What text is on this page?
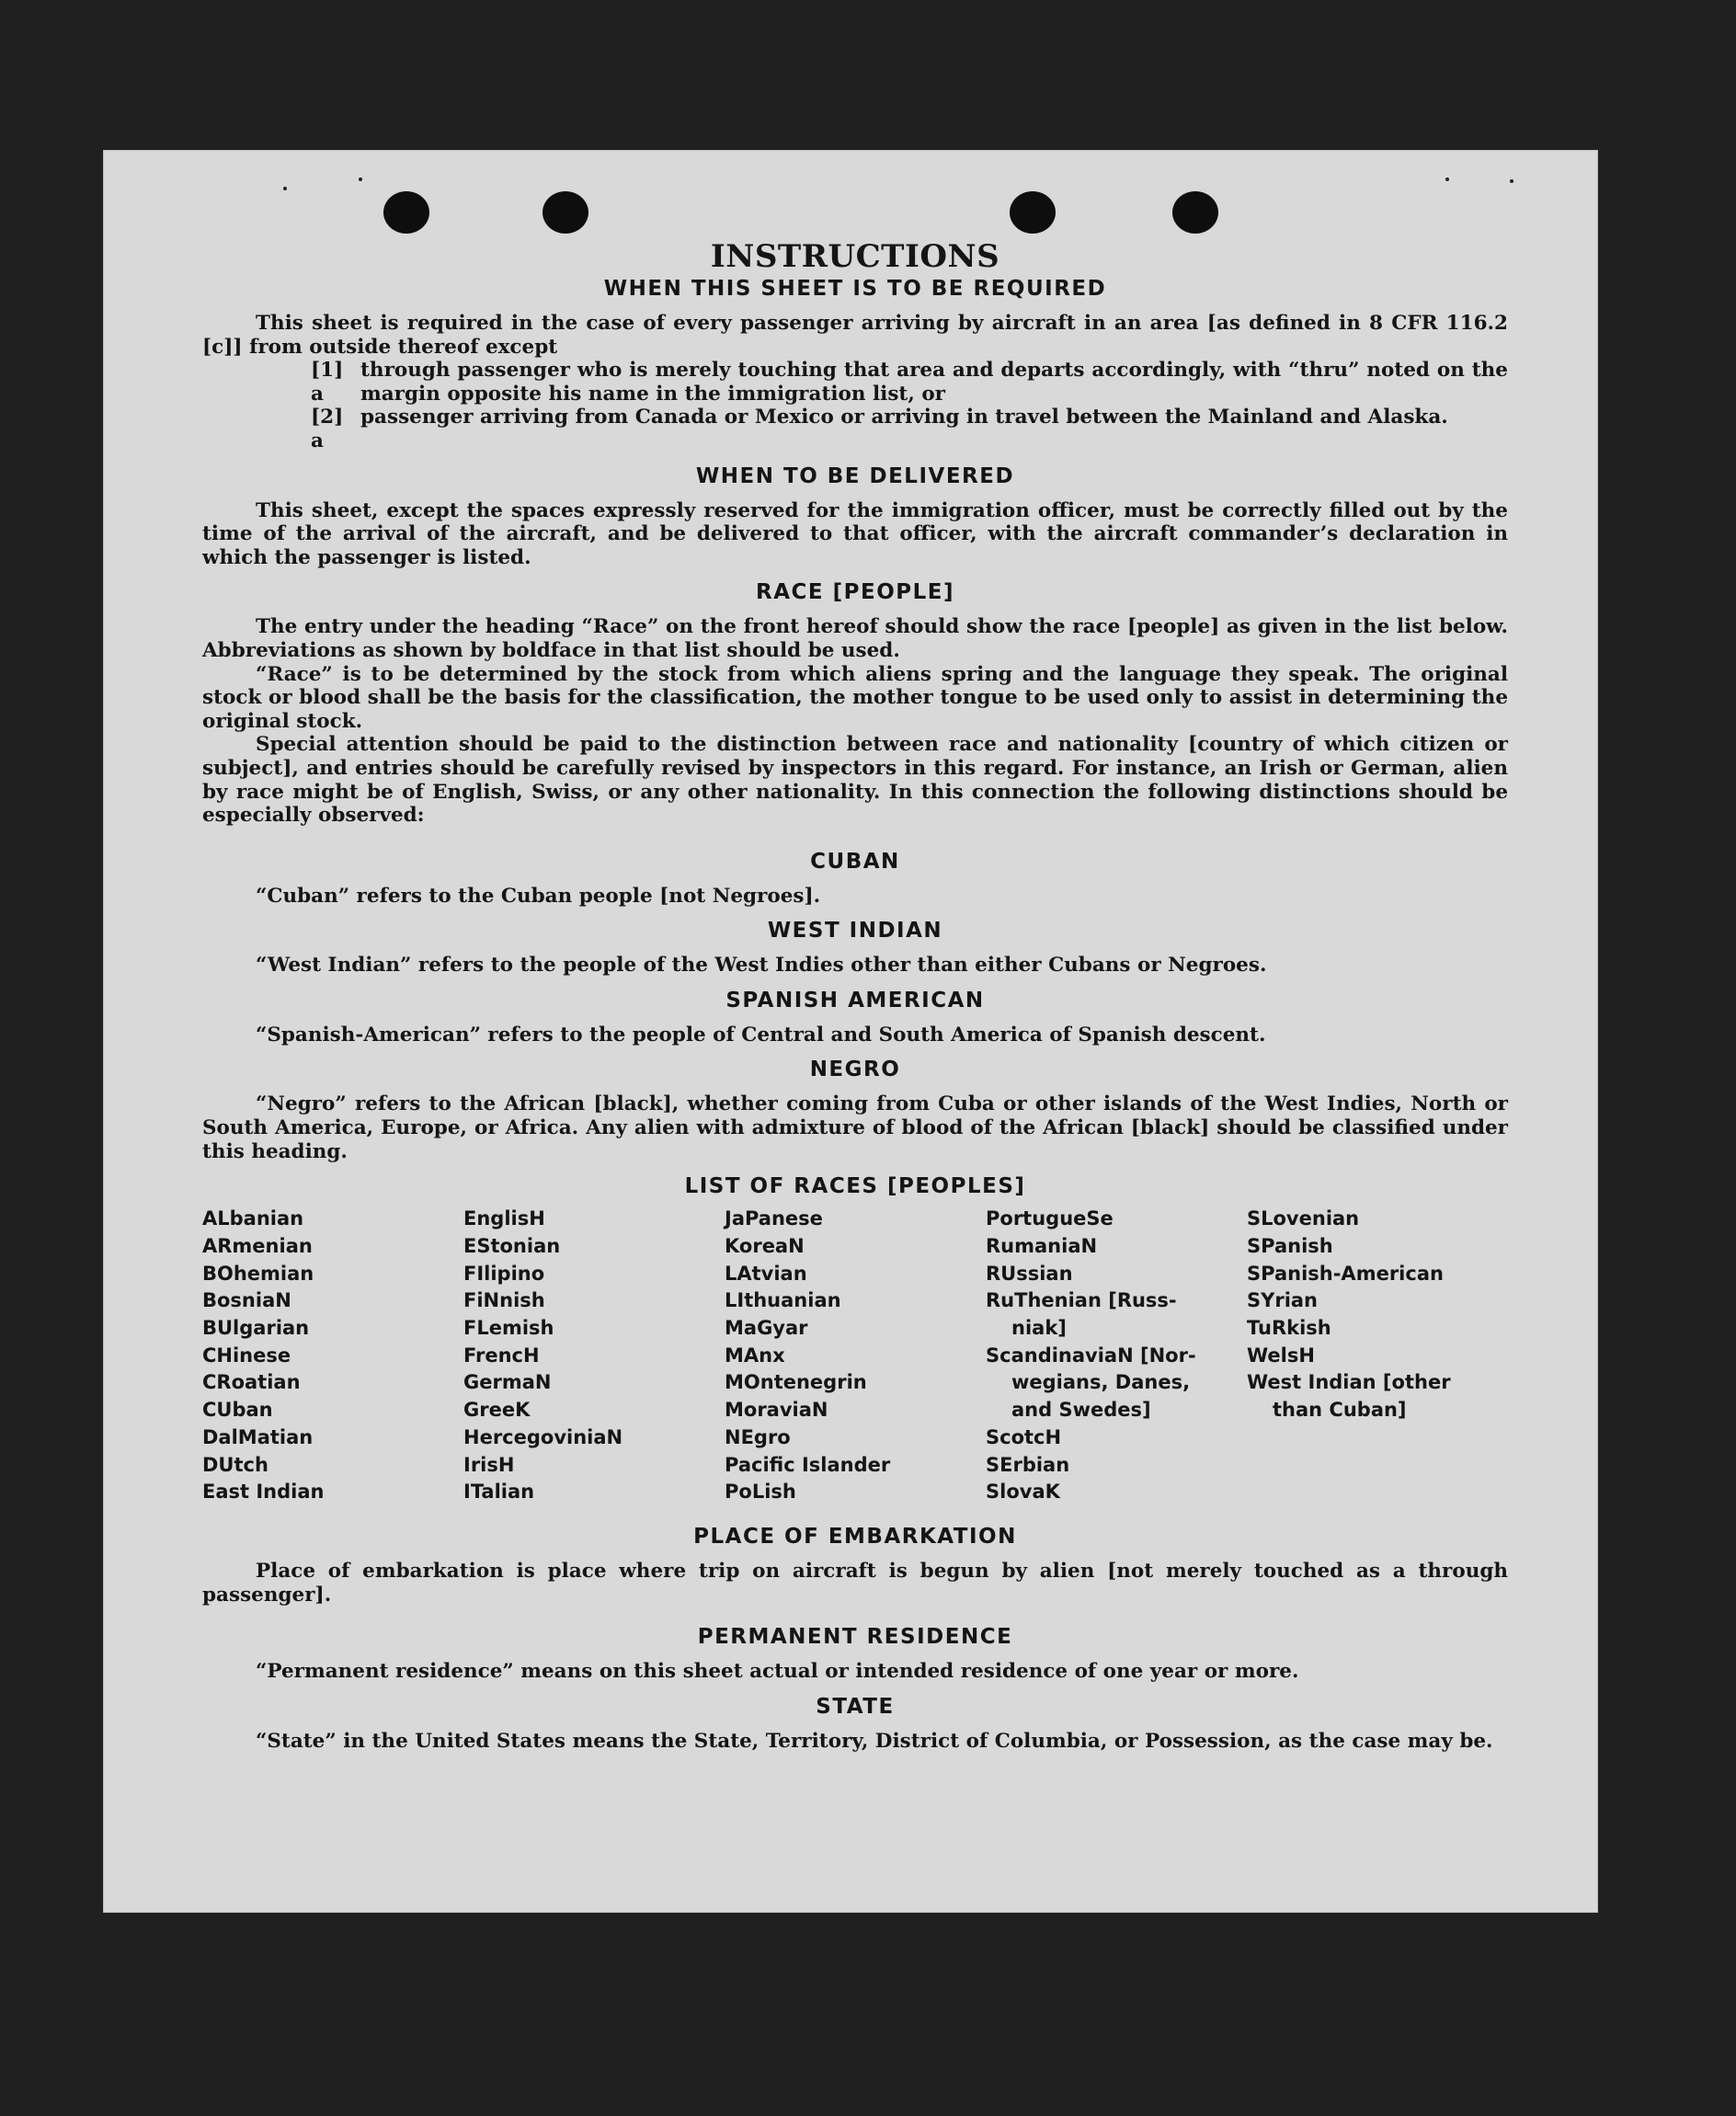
INSTRUCTIONS
WHEN THIS SHEET IS TO BE REQUIRED

This sheet is required in the case of every passenger arriving by aircraft in an area [as defined in 8 CFR 116.2 [c]] from outside thereof except

[1] a

through passenger who is merely touching that area and departs accordingly, with “thru” noted on the margin opposite his name in the immigration list, or

[2] a

passenger arriving from Canada or Mexico or arriving in travel between the Mainland and Alaska.

WHEN TO BE DELIVERED

This sheet, except the spaces expressly reserved for the immigration officer, must be correctly filled out by the time of the arrival of the aircraft, and be delivered to that officer, with the aircraft commander’s declaration in which the passenger is listed.

RACE [PEOPLE]

The entry under the heading “Race” on the front hereof should show the race [people] as given in the list below. Abbreviations as shown by boldface in that list should be used.

“Race” is to be determined by the stock from which aliens spring and the language they speak. The original stock or blood shall be the basis for the classification, the mother tongue to be used only to assist in determining the original stock.

Special attention should be paid to the distinction between race and nationality [country of which citizen or subject], and entries should be carefully revised by inspectors in this regard. For instance, an Irish or German, alien by race might be of English, Swiss, or any other nationality. In this connection the following distinctions should be especially observed:

CUBAN

“Cuban” refers to the Cuban people [not Negroes].

WEST INDIAN

“West Indian” refers to the people of the West Indies other than either Cubans or Negroes.

SPANISH AMERICAN

“Spanish-American” refers to the people of Central and South America of Spanish descent.

NEGRO

“Negro” refers to the African [black], whether coming from Cuba or other islands of the West Indies, North or South America, Europe, or Africa. Any alien with admixture of blood of the African [black] should be classified under this heading.

LIST OF RACES [PEOPLES]
ALbanian
ARmenian
BOhemian
BosniaN
BUlgarian
CHinese
CRoatian
CUban
DalMatian
DUtch
East Indian
EnglisH
EStonian
FIlipino
FiNnish
FLemish
FrencH
GermaN
GreeK
HercegoviniaN
IrisH
ITalian
JaPanese
KoreaN
LAtvian
LIthuanian
MaGyar
MAnx
MOntenegrin
MoraviaN
NEgro
Pacific Islander
PoLish
PortugueSe
RumaniaN
RUssian
RuThenian [Russ-
niak]
ScandinaviaN [Nor-
wegians, Danes,
and Swedes]
ScotcH
SErbian
SlovaK
SLovenian
SPanish
SPanish-American
SYrian
TuRkish
WelsH
West Indian [other
than Cuban]
PLACE OF EMBARKATION

Place of embarkation is place where trip on aircraft is begun by alien [not merely touched as a through passenger].

PERMANENT RESIDENCE

“Permanent residence” means on this sheet actual or intended residence of one year or more.

STATE

“State” in the United States means the State, Territory, District of Columbia, or Possession, as the case may be.
